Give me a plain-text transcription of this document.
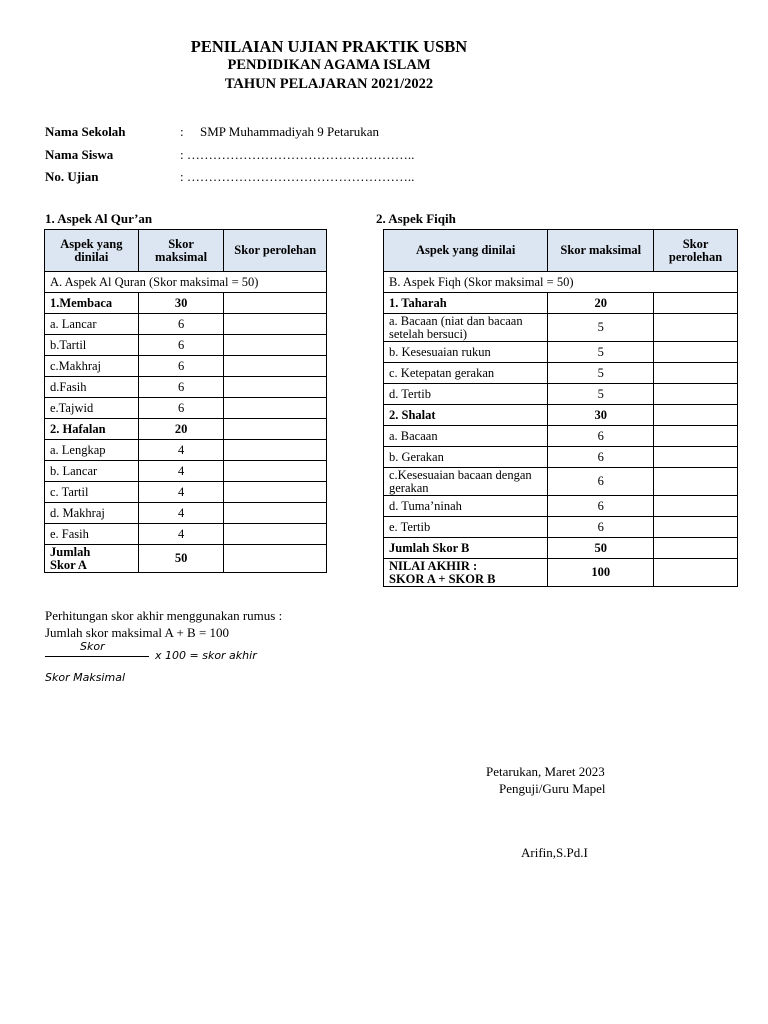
PENILAIAN UJIAN PRAKTIK USBN
PENDIDIKAN AGAMA ISLAM
TAHUN PELAJARAN 2021/2022
Nama Sekolah	: SMP Muhammadiyah 9 Petarukan
Nama Siswa	: ……………………………………………..
No. Ujian	: ……………………………………………..
1. Aspek Al Qur’an	2. Aspek Fiqih
Aspek yang dinilai	Skor maksimal	Skor perolehan
A. Aspek Al Quran (Skor maksimal = 50)		
1.Membaca	30	
a. Lancar	6	
b.Tartil	6	
c.Makhraj	6	
d.Fasih	6	
e.Tajwid	6	
2. Hafalan	20	
a. Lengkap	4	
b. Lancar	4	
c. Tartil	4	
d. Makhraj	4	
e. Fasih	4	

Jumlah
Skor A	50	
Aspek yang dinilai	Skor maksimal	Skor perolehan
B. Aspek Fiqh (Skor maksimal = 50)		
1. Taharah	20	
a. Bacaan (niat dan bacaan setelah bersuci)	5	
b. Kesesuaian rukun	5	
c. Ketepatan gerakan	5	
d. Tertib	5	
2. Shalat	30	
a. Bacaan	6	
b. Gerakan	6	
c.Kesesuaian bacaan dengan gerakan	6	
d. Tuma’ninah	6	
e. Tertib	6	
Jumlah Skor B	50	

NILAI AKHIR :
SKOR A + SKOR B	100	
Perhitungan skor akhir menggunakan rumus :
Jumlah skor maksimal A + B = 100
Skor
x 100 = skor akhir
Skor Maksimal
Petarukan, Maret 2023
Penguji/Guru Mapel
Arifin,S.Pd.I
